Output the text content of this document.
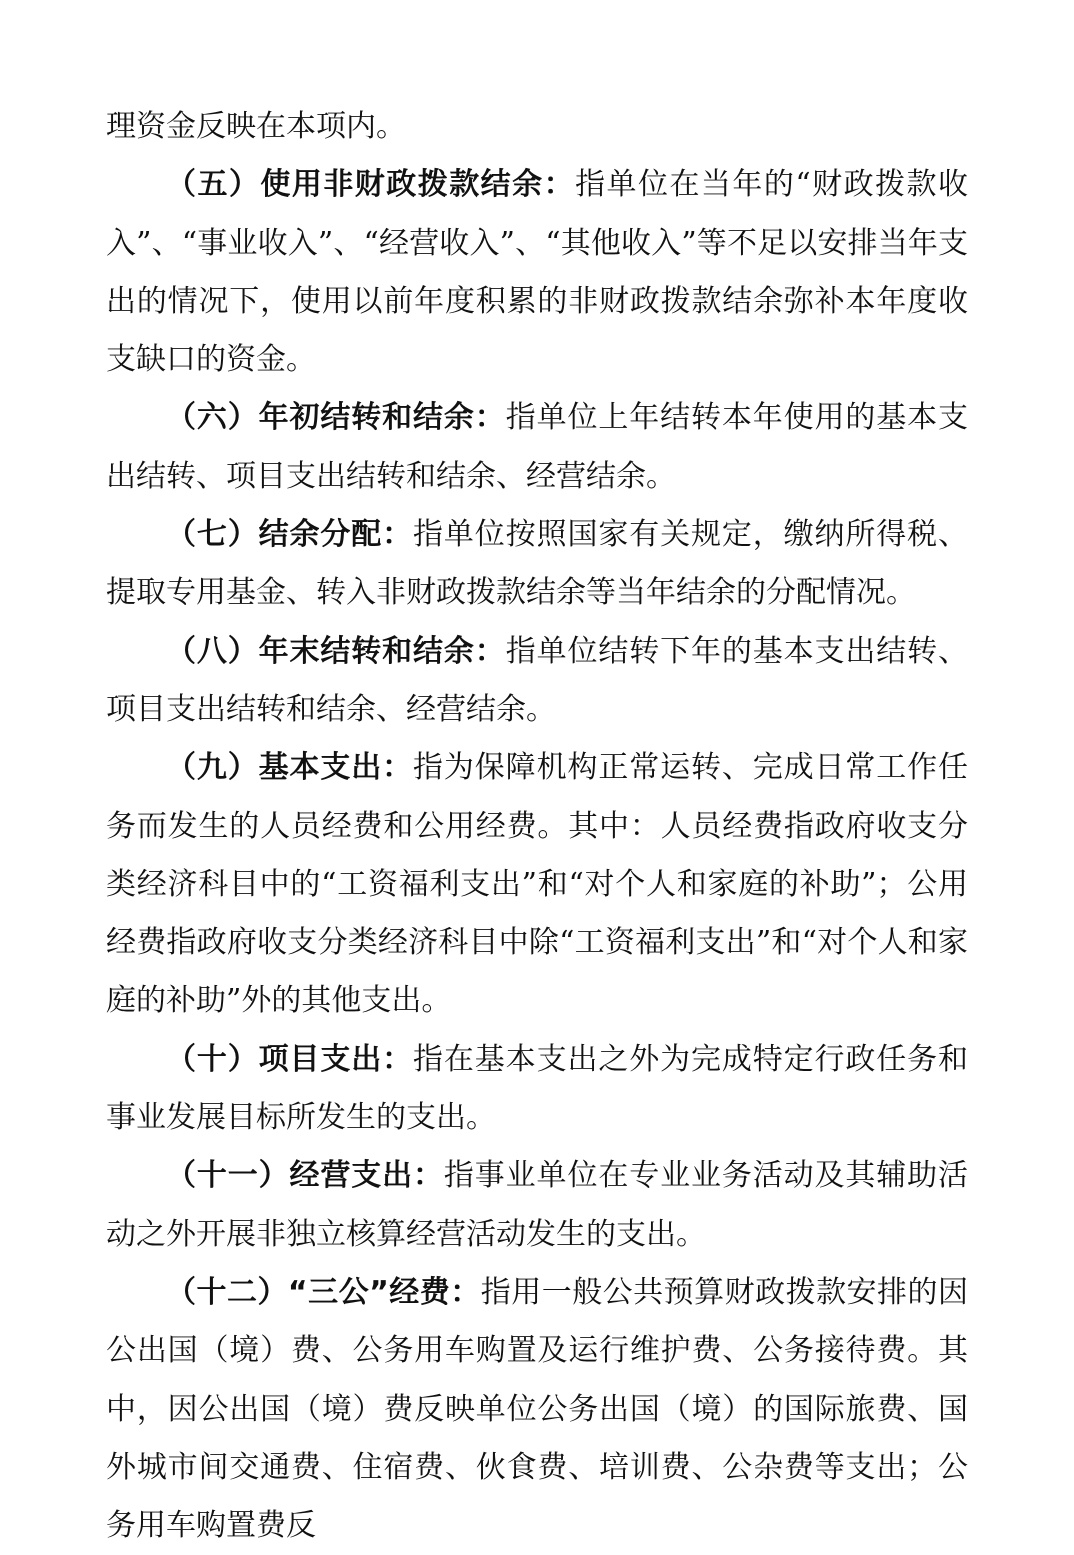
理资金反映在本项内。

（五）使用非财政拨款结余：指单位在当年的“财政拨款收入”、“事业收入”、“经营收入”、“其他收入”等不足以安排当年支出的情况下，使用以前年度积累的非财政拨款结余弥补本年度收支缺口的资金。

（六）年初结转和结余：指单位上年结转本年使用的基本支出结转、项目支出结转和结余、经营结余。

（七）结余分配：指单位按照国家有关规定，缴纳所得税、提取专用基金、转入非财政拨款结余等当年结余的分配情况。

（八）年末结转和结余：指单位结转下年的基本支出结转、项目支出结转和结余、经营结余。

（九）基本支出：指为保障机构正常运转、完成日常工作任务而发生的人员经费和公用经费。其中：人员经费指政府收支分类经济科目中的“工资福利支出”和“对个人和家庭的补助”；公用经费指政府收支分类经济科目中除“工资福利支出”和“对个人和家庭的补助”外的其他支出。

（十）项目支出：指在基本支出之外为完成特定行政任务和事业发展目标所发生的支出。

（十一）经营支出：指事业单位在专业业务活动及其辅助活动之外开展非独立核算经营活动发生的支出。

（十二）“三公”经费：指用一般公共预算财政拨款安排的因公出国（境）费、公务用车购置及运行维护费、公务接待费。其中，因公出国（境）费反映单位公务出国（境）的国际旅费、国外城市间交通费、住宿费、伙食费、培训费、公杂费等支出；公务用车购置费反
